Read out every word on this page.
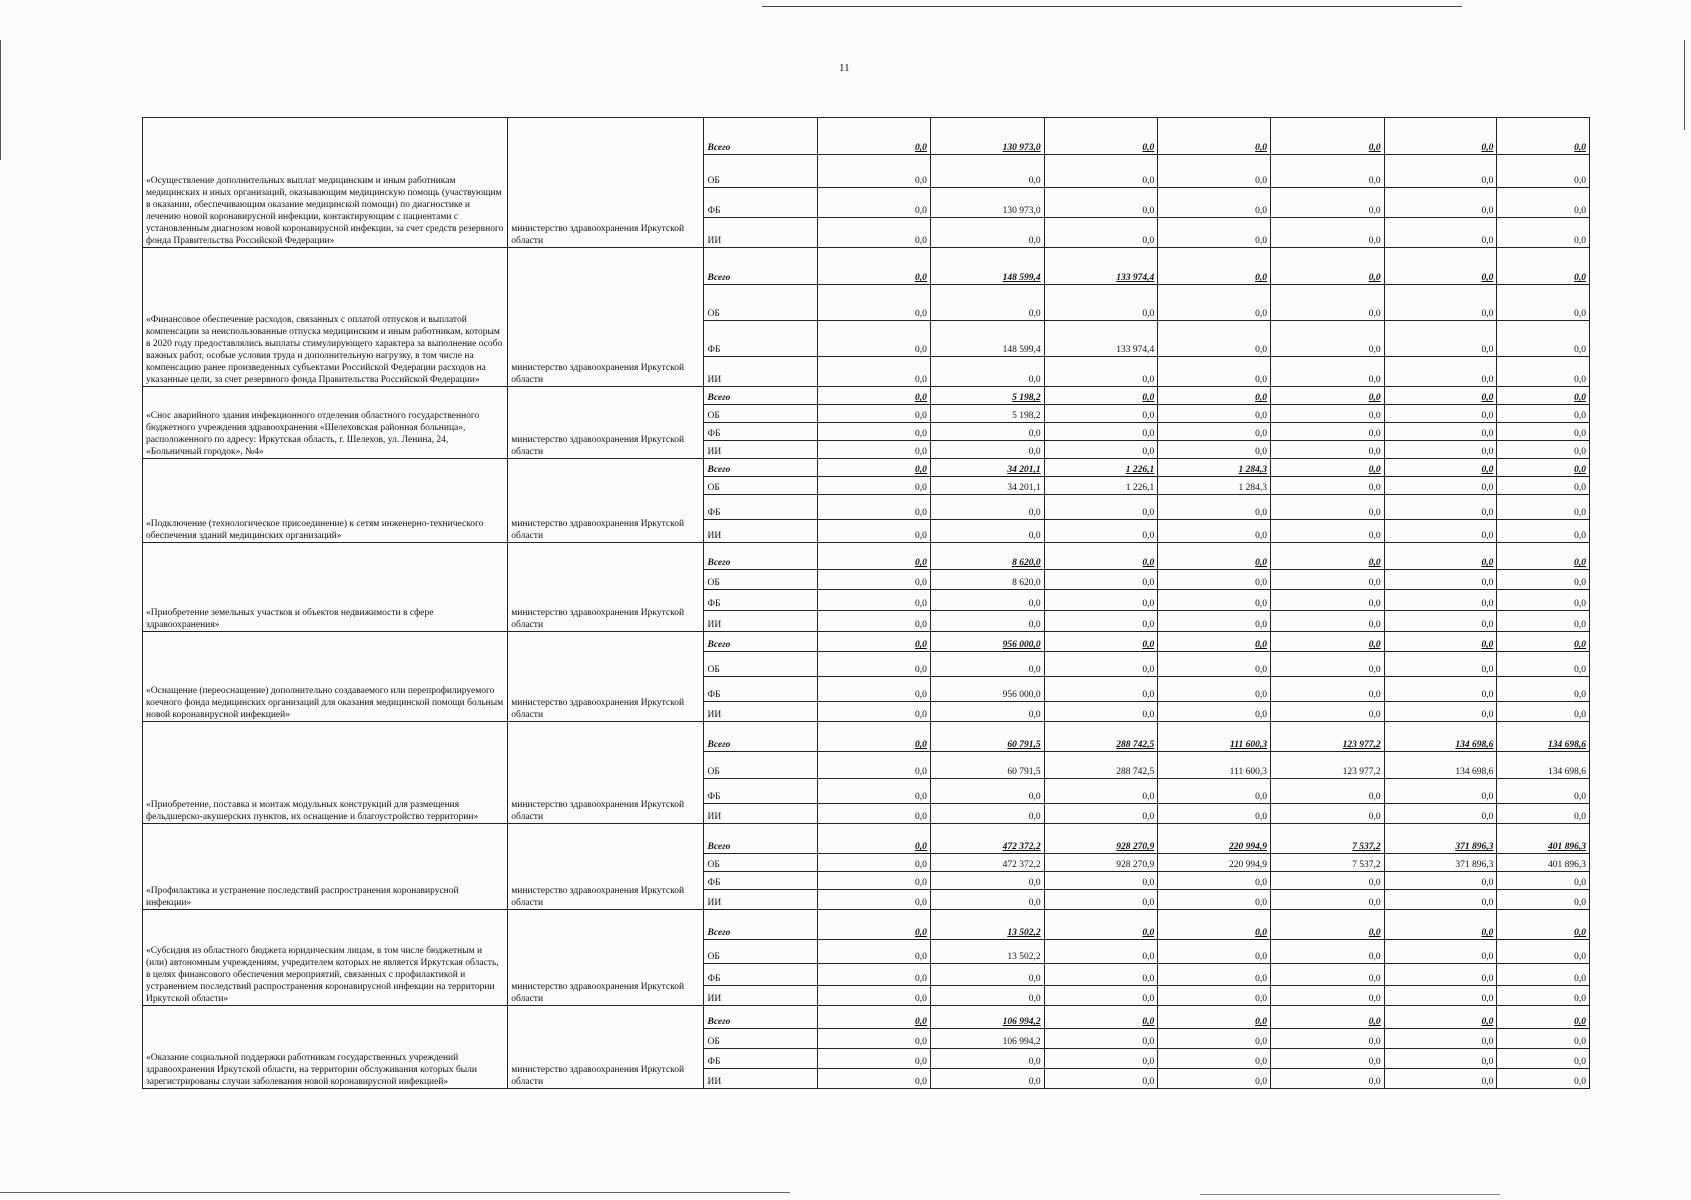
11
«Осуществление дополнительных выплат медицинским и иным работникам медицинских и иных организаций, оказывающим медицинскую помощь (участвующим в оказании, обеспечивающим оказание медицинской помощи) по диагностике и лечению новой коронавирусной инфекции, контактирующим с пациентами с установленным диагнозом новой коронавирусной инфекции, за счет средств резервного фонда Правительства Российской Федерации»	министерство здравоохранения Иркутской области	Всего	0,0	130 973,0	0,0	0,0	0,0	0,0	0,0
		ОБ	0,0	0,0	0,0	0,0	0,0	0,0	0,0
		ФБ	0,0	130 973,0	0,0	0,0	0,0	0,0	0,0
		ИИ	0,0	0,0	0,0	0,0	0,0	0,0	0,0
«Финансовое обеспечение расходов, связанных с оплатой отпусков и выплатой компенсации за неиспользованные отпуска медицинским и иным работникам, которым в 2020 году предоставлялись выплаты стимулирующего характера за выполнение особо важных работ, особые условия труда и дополнительную нагрузку, в том числе на компенсацию ранее произведенных субъектами Российской Федерации расходов на указанные цели, за счет резервного фонда Правительства Российской Федерации»	министерство здравоохранения Иркутской области	Всего	0,0	148 599,4	133 974,4	0,0	0,0	0,0	0,0
		ОБ	0,0	0,0	0,0	0,0	0,0	0,0	0,0
		ФБ	0,0	148 599,4	133 974,4	0,0	0,0	0,0	0,0
		ИИ	0,0	0,0	0,0	0,0	0,0	0,0	0,0
«Снос аварийного здания инфекционного отделения областного государственного бюджетного учреждения здравоохранения «Шелеховская районная больница», расположенного по адресу: Иркутская область, г. Шелехов, ул. Ленина, 24, «Больничный городок», №4»	министерство здравоохранения Иркутской области	Всего	0,0	5 198,2	0,0	0,0	0,0	0,0	0,0
		ОБ	0,0	5 198,2	0,0	0,0	0,0	0,0	0,0
		ФБ	0,0	0,0	0,0	0,0	0,0	0,0	0,0
		ИИ	0,0	0,0	0,0	0,0	0,0	0,0	0,0
«Подключение (технологическое присоединение) к сетям инженерно-технического обеспечения зданий медицинских организаций»	министерство здравоохранения Иркутской области	Всего	0,0	34 201,1	1 226,1	1 284,3	0,0	0,0	0,0
		ОБ	0,0	34 201,1	1 226,1	1 284,3	0,0	0,0	0,0
		ФБ	0,0	0,0	0,0	0,0	0,0	0,0	0,0
		ИИ	0,0	0,0	0,0	0,0	0,0	0,0	0,0
«Приобретение земельных участков и объектов недвижимости в сфере здравоохранения»	министерство здравоохранения Иркутской области	Всего	0,0	8 620,0	0,0	0,0	0,0	0,0	0,0
		ОБ	0,0	8 620,0	0,0	0,0	0,0	0,0	0,0
		ФБ	0,0	0,0	0,0	0,0	0,0	0,0	0,0
		ИИ	0,0	0,0	0,0	0,0	0,0	0,0	0,0
«Оснащение (переоснащение) дополнительно создаваемого или перепрофилируемого коечного фонда медицинских организаций для оказания медицинской помощи больным новой коронавирусной инфекцией»	министерство здравоохранения Иркутской области	Всего	0,0	956 000,0	0,0	0,0	0,0	0,0	0,0
		ОБ	0,0	0,0	0,0	0,0	0,0	0,0	0,0
		ФБ	0,0	956 000,0	0,0	0,0	0,0	0,0	0,0
		ИИ	0,0	0,0	0,0	0,0	0,0	0,0	0,0
«Приобретение, поставка и монтаж модульных конструкций для размещения фельдшерско-акушерских пунктов, их оснащение и благоустройство территории»	министерство здравоохранения Иркутской области	Всего	0,0	60 791,5	288 742,5	111 600,3	123 977,2	134 698,6	134 698,6
		ОБ	0,0	60 791,5	288 742,5	111 600,3	123 977,2	134 698,6	134 698,6
		ФБ	0,0	0,0	0,0	0,0	0,0	0,0	0,0
		ИИ	0,0	0,0	0,0	0,0	0,0	0,0	0,0
«Профилактика и устранение последствий распространения коронавирусной инфекции»	министерство здравоохранения Иркутской области	Всего	0,0	472 372,2	928 270,9	220 994,9	7 537,2	371 896,3	401 896,3
		ОБ	0,0	472 372,2	928 270,9	220 994,9	7 537,2	371 896,3	401 896,3
		ФБ	0,0	0,0	0,0	0,0	0,0	0,0	0,0
		ИИ	0,0	0,0	0,0	0,0	0,0	0,0	0,0
«Субсидия из областного бюджета юридическим лицам, в том числе бюджетным и (или) автономным учреждениям, учредителем которых не является Иркутская область, в целях финансового обеспечения мероприятий, связанных с профилактикой и устранением последствий распространения коронавирусной инфекции на территории Иркутской области»	министерство здравоохранения Иркутской области	Всего	0,0	13 502,2	0,0	0,0	0,0	0,0	0,0
		ОБ	0,0	13 502,2	0,0	0,0	0,0	0,0	0,0
		ФБ	0,0	0,0	0,0	0,0	0,0	0,0	0,0
		ИИ	0,0	0,0	0,0	0,0	0,0	0,0	0,0
«Оказание социальной поддержки работникам государственных учреждений здравоохранения Иркутской области, на территории обслуживания которых были зарегистрированы случаи заболевания новой коронавирусной инфекцией»	министерство здравоохранения Иркутской области	Всего	0,0	106 994,2	0,0	0,0	0,0	0,0	0,0
		ОБ	0,0	106 994,2	0,0	0,0	0,0	0,0	0,0
		ФБ	0,0	0,0	0,0	0,0	0,0	0,0	0,0
		ИИ	0,0	0,0	0,0	0,0	0,0	0,0	0,0
